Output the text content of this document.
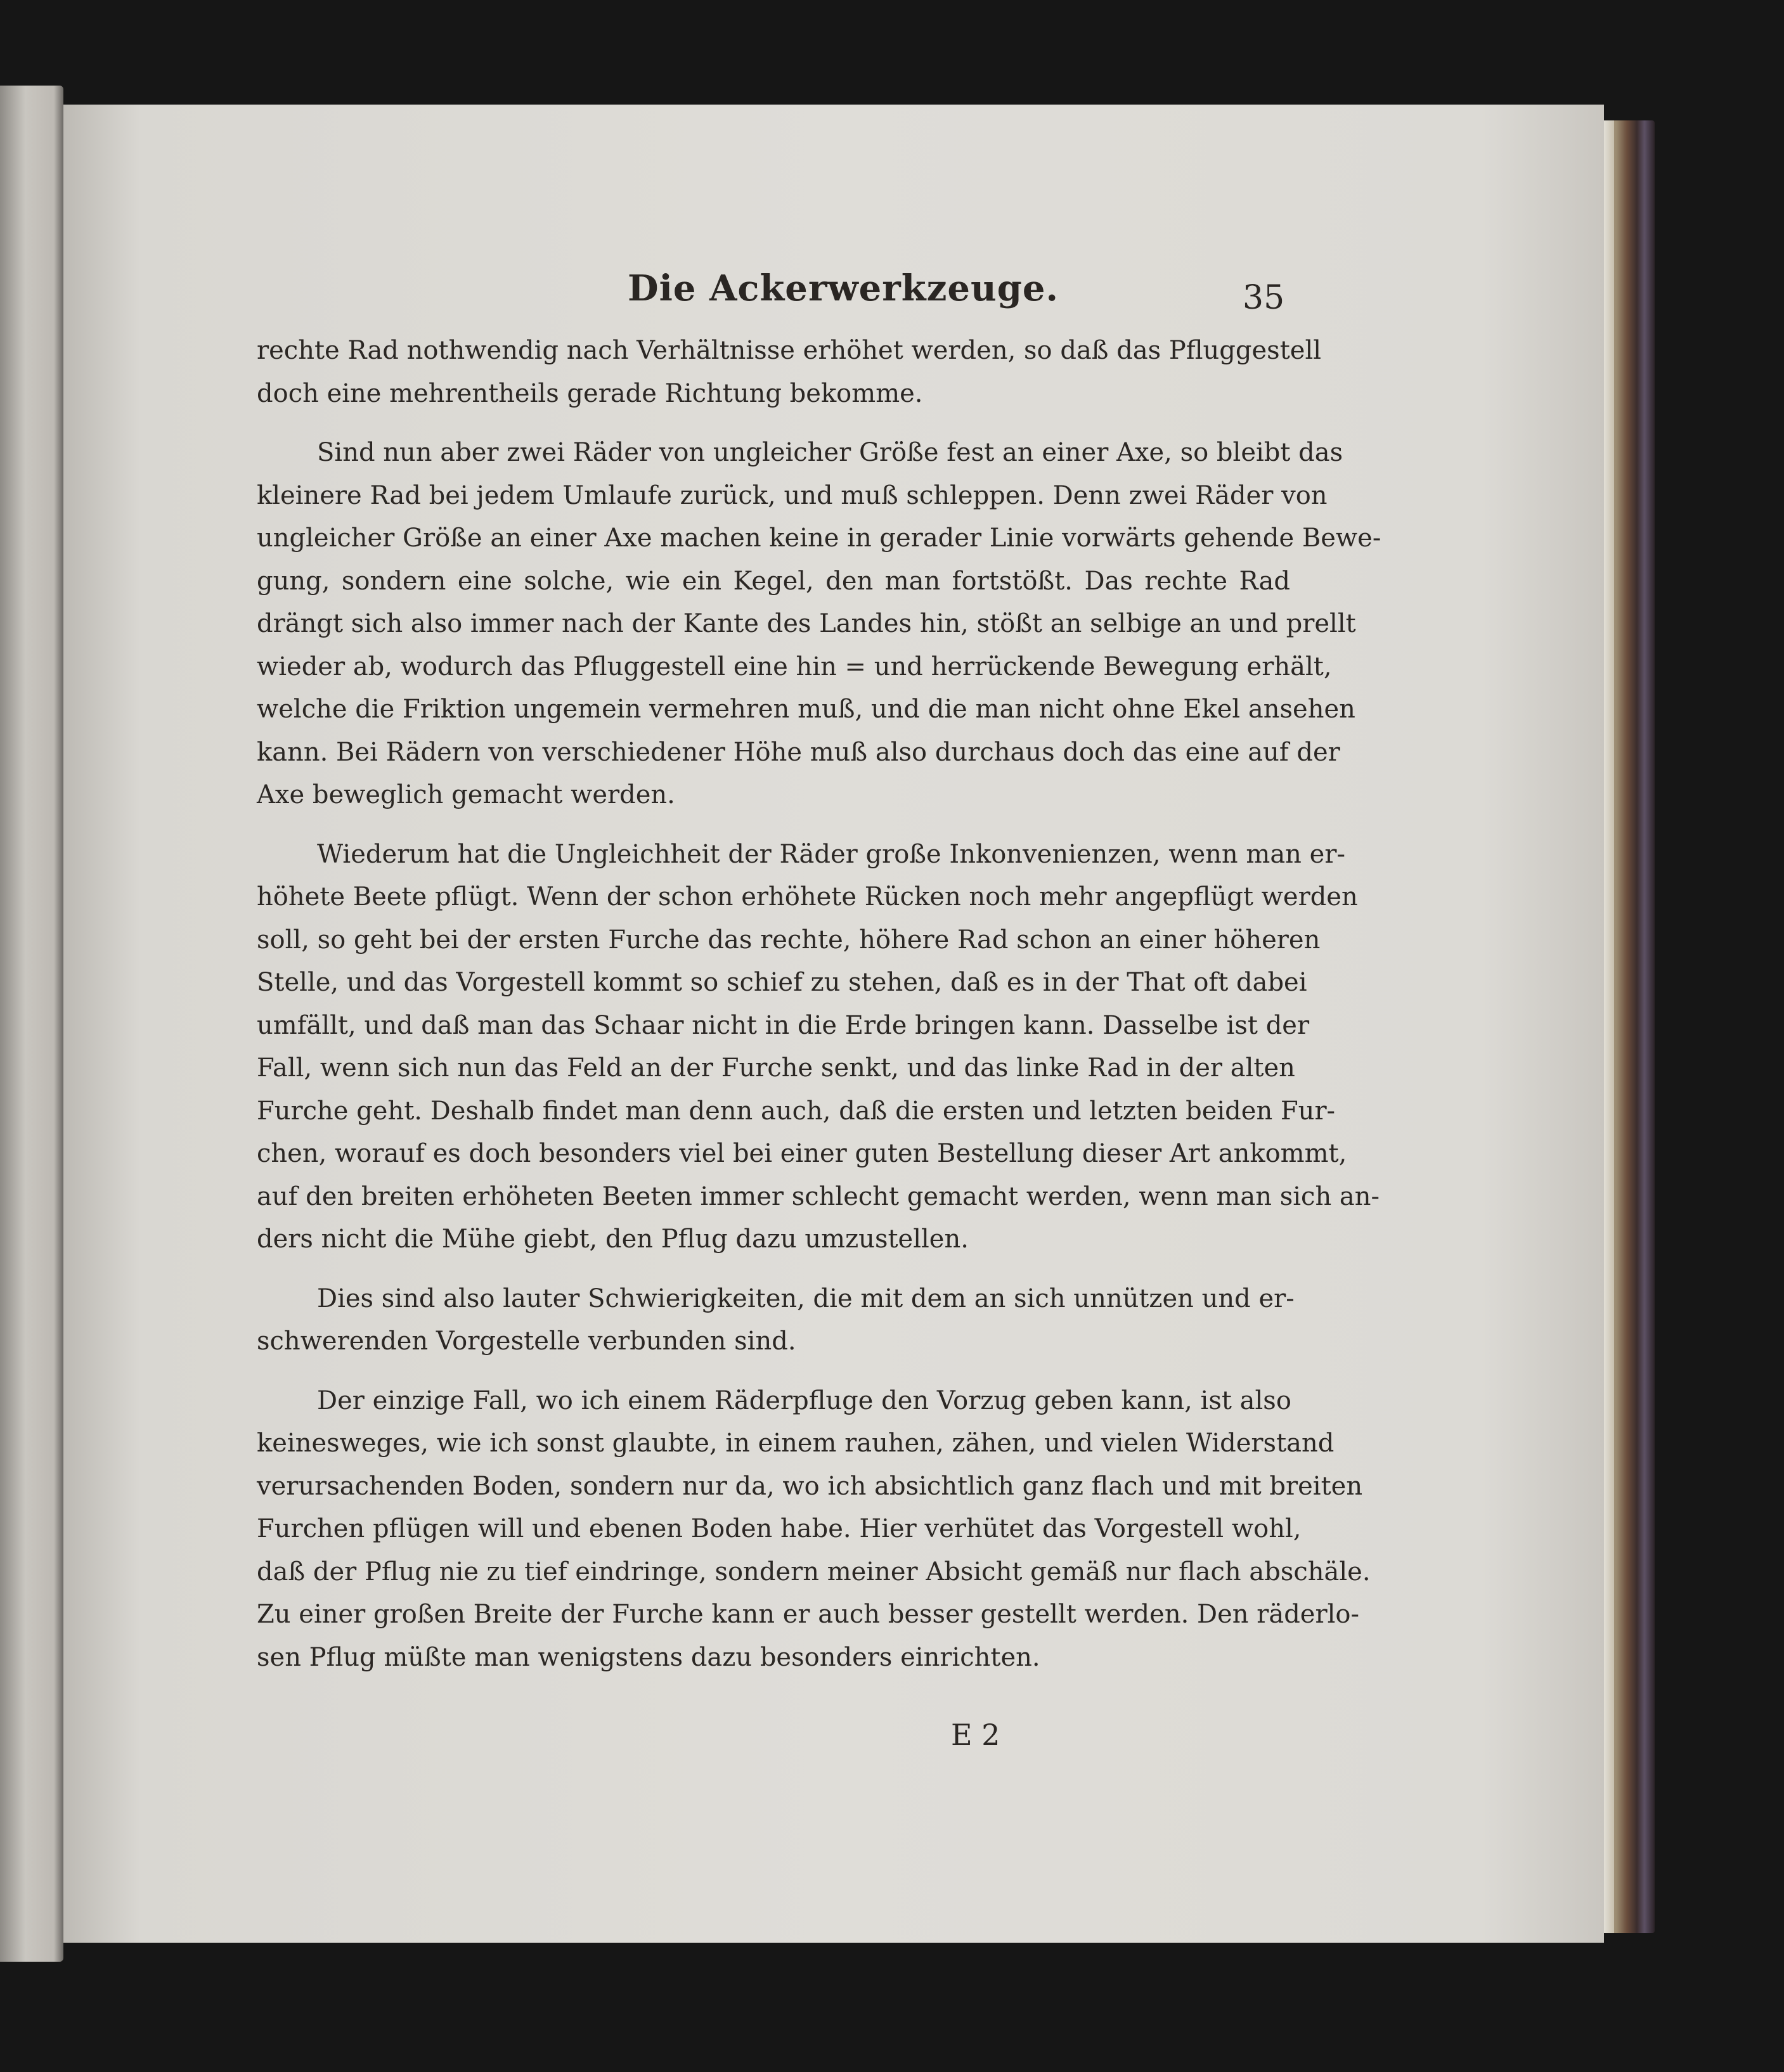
Die Ackerwerkzeuge.	35
rechte Rad nothwendig nach Verhältnisse erhöhet werden, so daß das Pfluggestell
doch eine mehrentheils gerade Richtung bekomme.
Sind nun aber zwei Räder von ungleicher Größe fest an einer Axe, so bleibt das
kleinere Rad bei jedem Umlaufe zurück, und muß schleppen. Denn zwei Räder von
ungleicher Größe an einer Axe machen keine in gerader Linie vorwärts gehende Bewe-
gung, sondern eine solche, wie ein Kegel, den man fortstößt. Das rechte Rad
drängt sich also immer nach der Kante des Landes hin, stößt an selbige an und prellt
wieder ab, wodurch das Pfluggestell eine hin = und herrückende Bewegung erhält,
welche die Friktion ungemein vermehren muß, und die man nicht ohne Ekel ansehen
kann. Bei Rädern von verschiedener Höhe muß also durchaus doch das eine auf der
Axe beweglich gemacht werden.
Wiederum hat die Ungleichheit der Räder große Inkonvenienzen, wenn man er-
höhete Beete pflügt. Wenn der schon erhöhete Rücken noch mehr angepflügt werden
soll, so geht bei der ersten Furche das rechte, höhere Rad schon an einer höheren
Stelle, und das Vorgestell kommt so schief zu stehen, daß es in der That oft dabei
umfällt, und daß man das Schaar nicht in die Erde bringen kann. Dasselbe ist der
Fall, wenn sich nun das Feld an der Furche senkt, und das linke Rad in der alten
Furche geht. Deshalb findet man denn auch, daß die ersten und letzten beiden Fur-
chen, worauf es doch besonders viel bei einer guten Bestellung dieser Art ankommt,
auf den breiten erhöheten Beeten immer schlecht gemacht werden, wenn man sich an-
ders nicht die Mühe giebt, den Pflug dazu umzustellen.
Dies sind also lauter Schwierigkeiten, die mit dem an sich unnützen und er-
schwerenden Vorgestelle verbunden sind.
Der einzige Fall, wo ich einem Räderpfluge den Vorzug geben kann, ist also
keinesweges, wie ich sonst glaubte, in einem rauhen, zähen, und vielen Widerstand
verursachenden Boden, sondern nur da, wo ich absichtlich ganz flach und mit breiten
Furchen pflügen will und ebenen Boden habe. Hier verhütet das Vorgestell wohl,
daß der Pflug nie zu tief eindringe, sondern meiner Absicht gemäß nur flach abschäle.
Zu einer großen Breite der Furche kann er auch besser gestellt werden. Den räderlo-
sen Pflug müßte man wenigstens dazu besonders einrichten.
E 2
